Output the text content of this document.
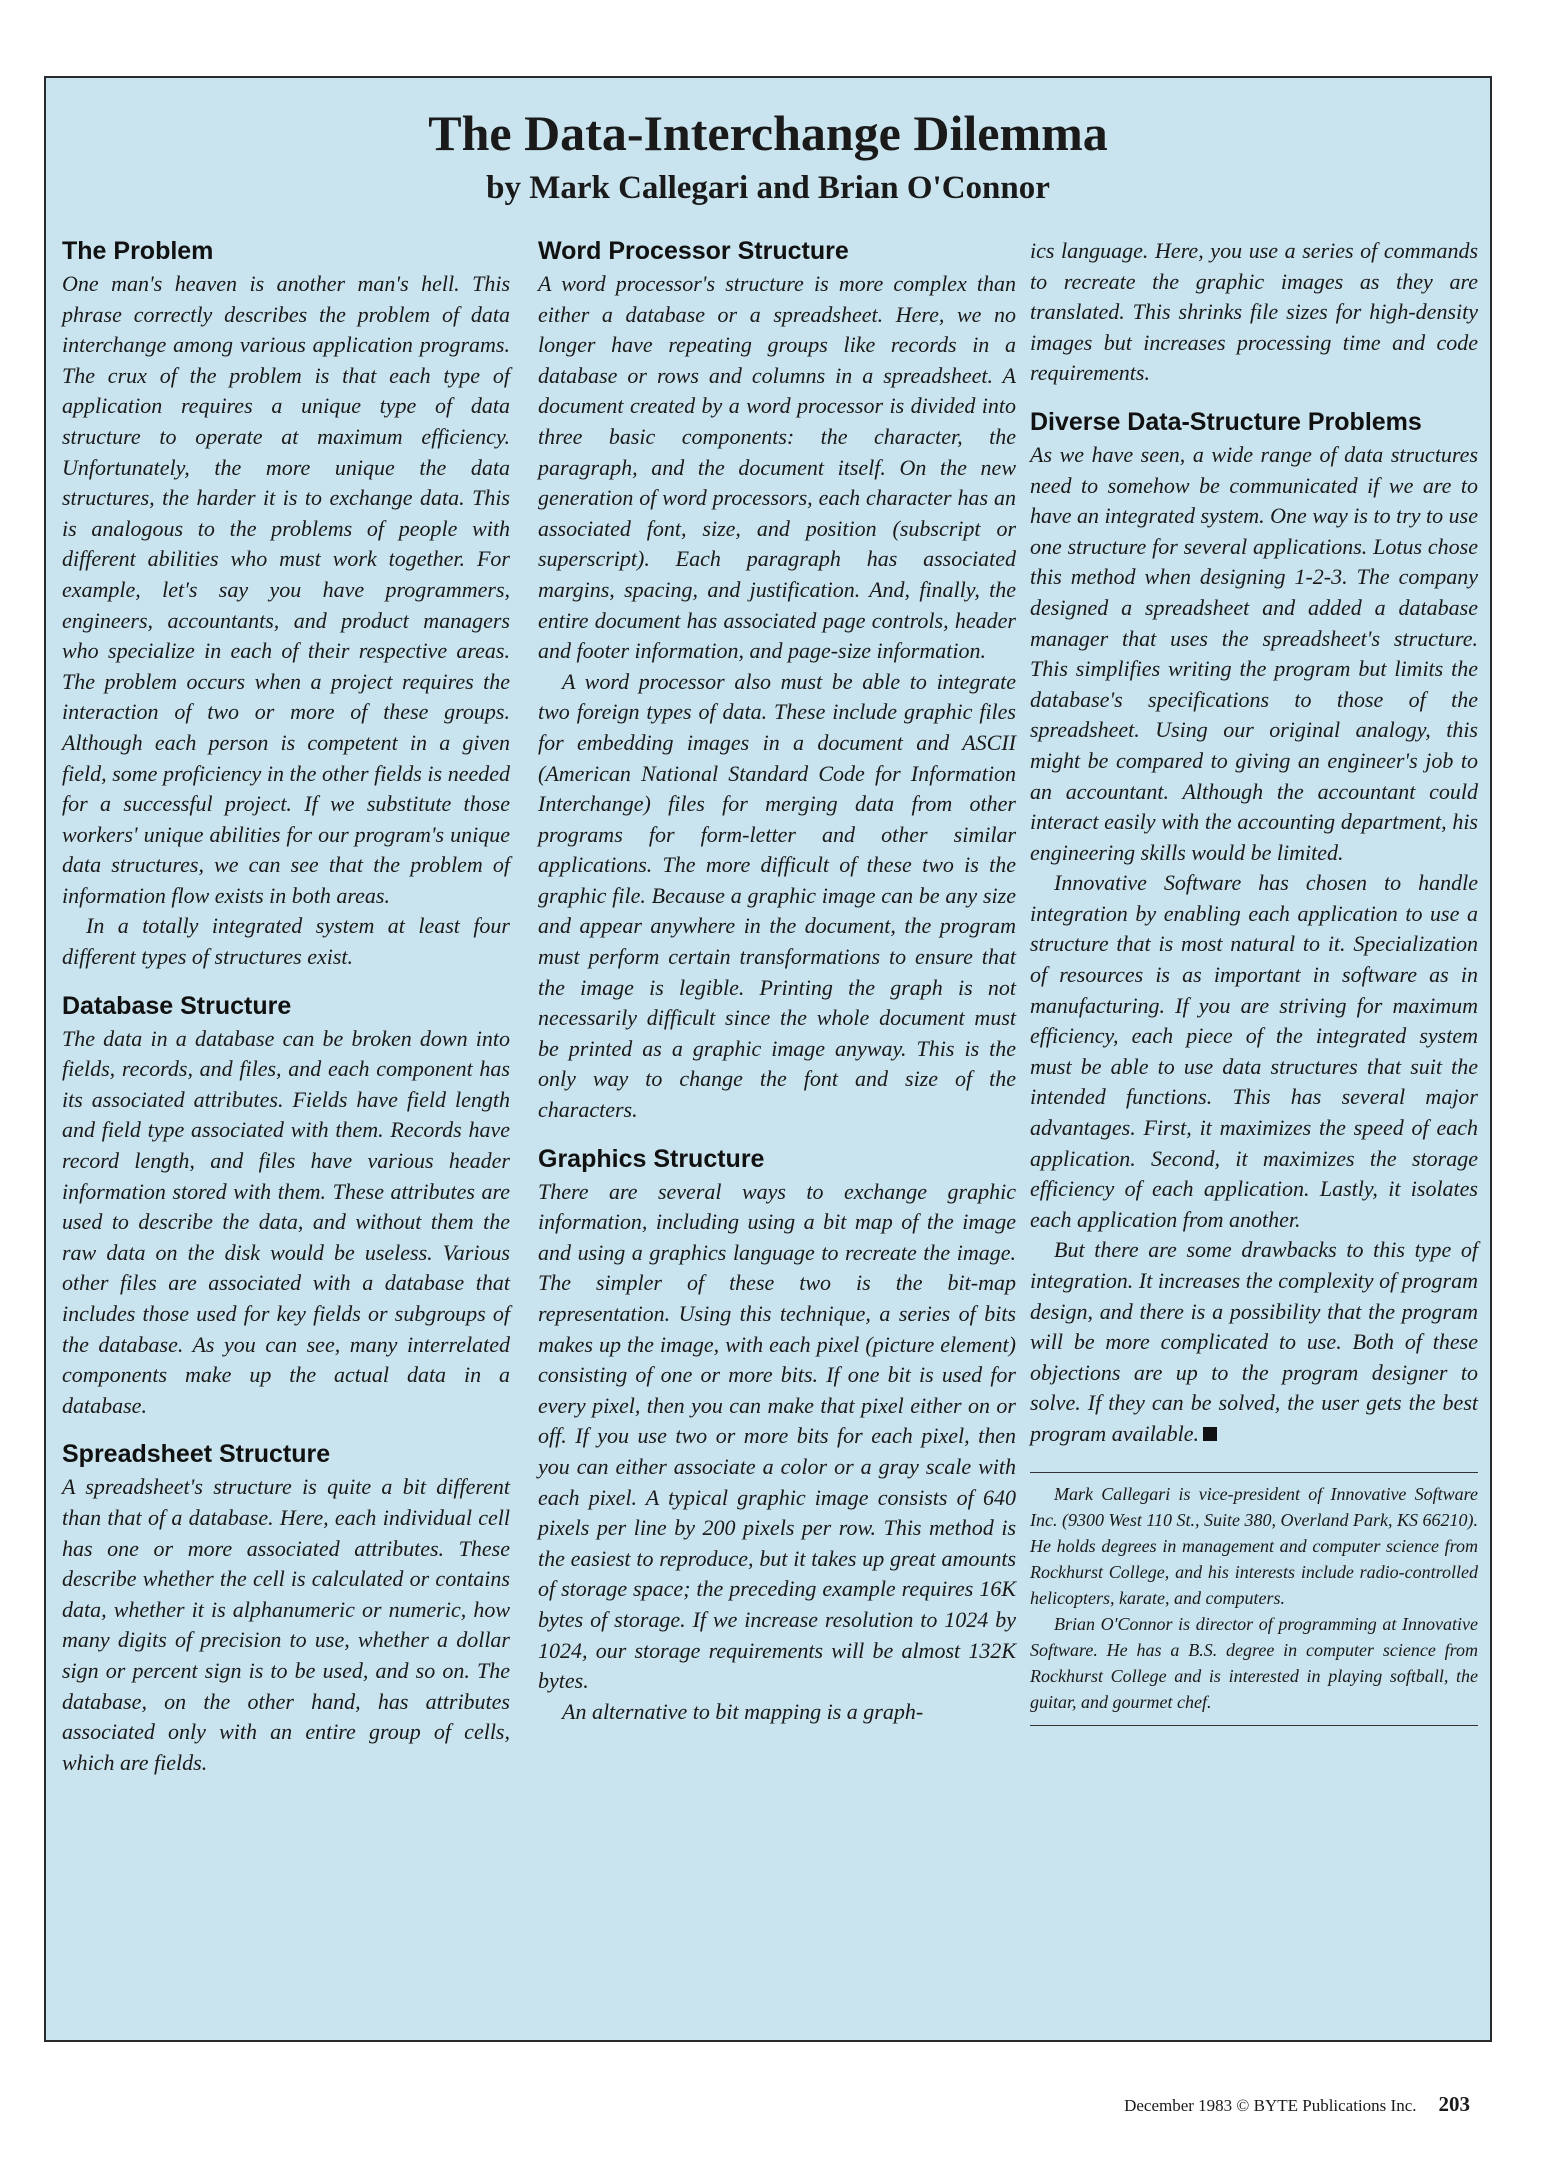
The Data-Interchange Dilemma
by Mark Callegari and Brian O'Connor
The Problem

One man's heaven is another man's hell. This phrase correctly describes the problem of data interchange among various application programs. The crux of the problem is that each type of application requires a unique type of data structure to operate at maximum efficiency. Unfortunately, the more unique the data structures, the harder it is to exchange data. This is analogous to the problems of people with different abilities who must work together. For example, let's say you have programmers, engineers, accountants, and product managers who specialize in each of their respective areas. The problem occurs when a project requires the interaction of two or more of these groups. Although each person is competent in a given field, some proficiency in the other fields is needed for a successful project. If we substitute those workers' unique abilities for our program's unique data structures, we can see that the problem of information flow exists in both areas.

In a totally integrated system at least four different types of structures exist.

Database Structure

The data in a database can be broken down into fields, records, and files, and each component has its associated attributes. Fields have field length and field type associated with them. Records have record length, and files have various header information stored with them. These attributes are used to describe the data, and without them the raw data on the disk would be useless. Various other files are associated with a database that includes those used for key fields or subgroups of the database. As you can see, many interrelated components make up the actual data in a database.

Spreadsheet Structure

A spreadsheet's structure is quite a bit different than that of a database. Here, each individual cell has one or more associated attributes. These describe whether the cell is calculated or contains data, whether it is alphanumeric or numeric, how many digits of precision to use, whether a dollar sign or percent sign is to be used, and so on. The database, on the other hand, has attributes associated only with an entire group of cells, which are fields.

Word Processor Structure

A word processor's structure is more complex than either a database or a spreadsheet. Here, we no longer have repeating groups like records in a database or rows and columns in a spreadsheet. A document created by a word processor is divided into three basic components: the character, the paragraph, and the document itself. On the new generation of word processors, each character has an associated font, size, and position (subscript or superscript). Each paragraph has associated margins, spacing, and justification. And, finally, the entire document has associated page controls, header and footer information, and page-size information.

A word processor also must be able to integrate two foreign types of data. These include graphic files for embedding images in a document and ASCII (American National Standard Code for Information Interchange) files for merging data from other programs for form-letter and other similar applications. The more difficult of these two is the graphic file. Because a graphic image can be any size and appear anywhere in the document, the program must perform certain transformations to ensure that the image is legible. Printing the graph is not necessarily difficult since the whole document must be printed as a graphic image anyway. This is the only way to change the font and size of the characters.

Graphics Structure

There are several ways to exchange graphic information, including using a bit map of the image and using a graphics language to recreate the image. The simpler of these two is the bit-map representation. Using this technique, a series of bits makes up the image, with each pixel (picture element) consisting of one or more bits. If one bit is used for every pixel, then you can make that pixel either on or off. If you use two or more bits for each pixel, then you can either associate a color or a gray scale with each pixel. A typical graphic image consists of 640 pixels per line by 200 pixels per row. This method is the easiest to reproduce, but it takes up great amounts of storage space; the preceding example requires 16K bytes of storage. If we increase resolution to 1024 by 1024, our storage requirements will be almost 132K bytes.

An alternative to bit mapping is a graph-

ics language. Here, you use a series of commands to recreate the graphic images as they are translated. This shrinks file sizes for high-density images but increases processing time and code requirements.

Diverse Data-Structure Problems

As we have seen, a wide range of data structures need to somehow be communicated if we are to have an integrated system. One way is to try to use one structure for several applications. Lotus chose this method when designing 1-2-3. The company designed a spreadsheet and added a database manager that uses the spreadsheet's structure. This simplifies writing the program but limits the database's specifications to those of the spreadsheet. Using our original analogy, this might be compared to giving an engineer's job to an accountant. Although the accountant could interact easily with the accounting department, his engineering skills would be limited.

Innovative Software has chosen to handle integration by enabling each application to use a structure that is most natural to it. Specialization of resources is as important in software as in manufacturing. If you are striving for maximum efficiency, each piece of the integrated system must be able to use data structures that suit the intended functions. This has several major advantages. First, it maximizes the speed of each application. Second, it maximizes the storage efficiency of each application. Lastly, it isolates each application from another.

But there are some drawbacks to this type of integration. It increases the complexity of program design, and there is a possibility that the program will be more complicated to use. Both of these objections are up to the program designer to solve. If they can be solved, the user gets the best program available.

Mark Callegari is vice-president of Innovative Software Inc. (9300 West 110 St., Suite 380, Overland Park, KS 66210). He holds degrees in management and computer science from Rockhurst College, and his interests include radio-controlled helicopters, karate, and computers.

Brian O'Connor is director of programming at Innovative Software. He has a B.S. degree in computer science from Rockhurst College and is interested in playing softball, the guitar, and gourmet chef.

December 1983 © BYTE Publications Inc. 203
